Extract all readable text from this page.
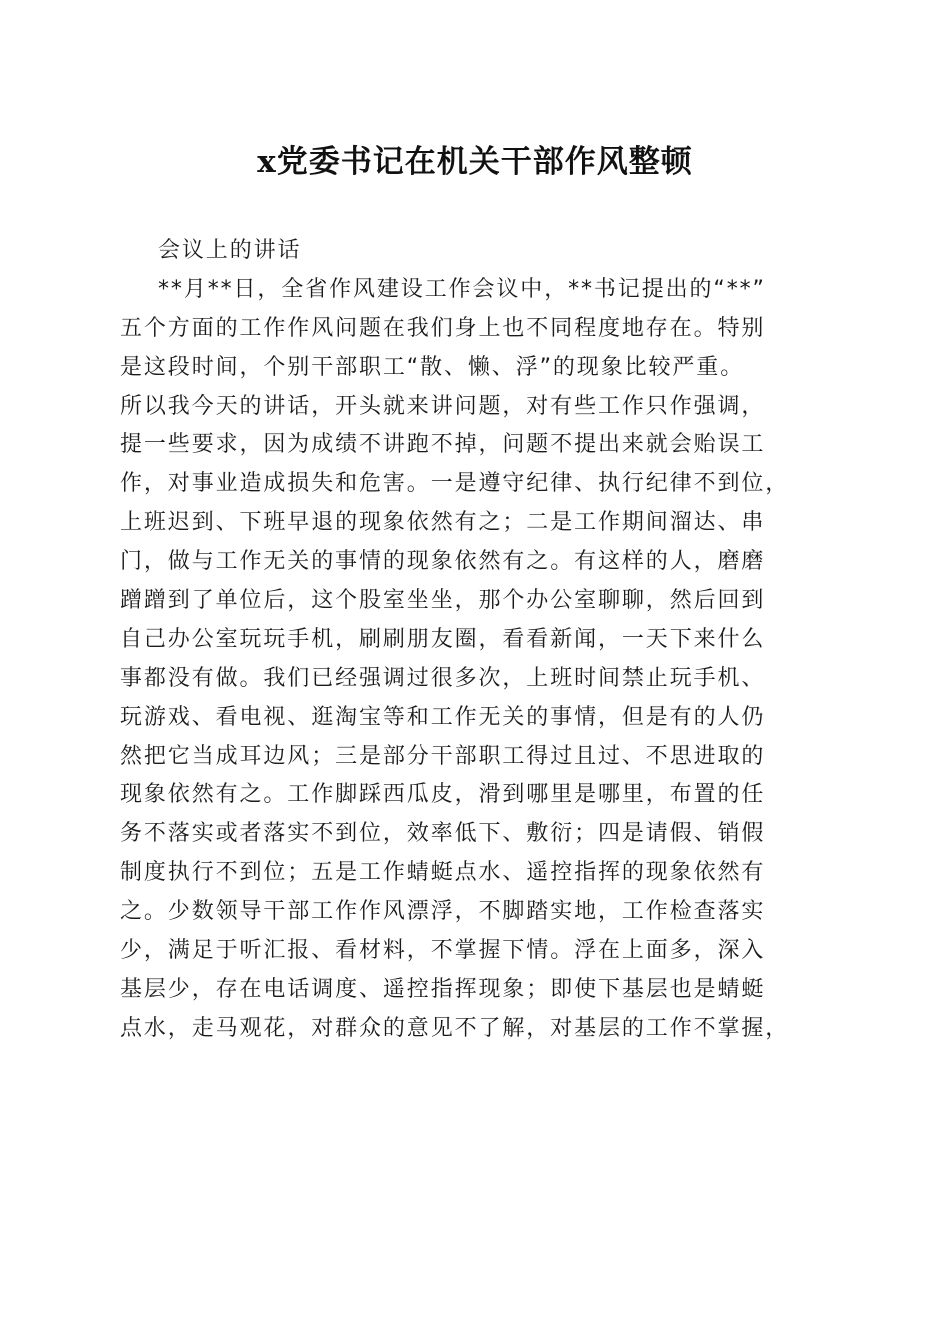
x党委书记在机关干部作风整顿
会议上的讲话
**月**日，全省作风建设工作会议中，**书记提出的“**”
五个方面的工作作风问题在我们身上也不同程度地存在。特别
是这段时间，个别干部职工“散、懒、浮”的现象比较严重。
所以我今天的讲话，开头就来讲问题，对有些工作只作强调，
提一些要求，因为成绩不讲跑不掉，问题不提出来就会贻误工
作，对事业造成损失和危害。一是遵守纪律、执行纪律不到位，
上班迟到、下班早退的现象依然有之；二是工作期间溜达、串
门，做与工作无关的事情的现象依然有之。有这样的人，磨磨
蹭蹭到了单位后，这个股室坐坐，那个办公室聊聊，然后回到
自己办公室玩玩手机，刷刷朋友圈，看看新闻，一天下来什么
事都没有做。我们已经强调过很多次，上班时间禁止玩手机、
玩游戏、看电视、逛淘宝等和工作无关的事情，但是有的人仍
然把它当成耳边风；三是部分干部职工得过且过、不思进取的
现象依然有之。工作脚踩西瓜皮，滑到哪里是哪里，布置的任
务不落实或者落实不到位，效率低下、敷衍；四是请假、销假
制度执行不到位；五是工作蜻蜓点水、遥控指挥的现象依然有
之。少数领导干部工作作风漂浮，不脚踏实地，工作检查落实
少，满足于听汇报、看材料，不掌握下情。浮在上面多，深入
基层少，存在电话调度、遥控指挥现象；即使下基层也是蜻蜓
点水，走马观花，对群众的意见不了解，对基层的工作不掌握，
